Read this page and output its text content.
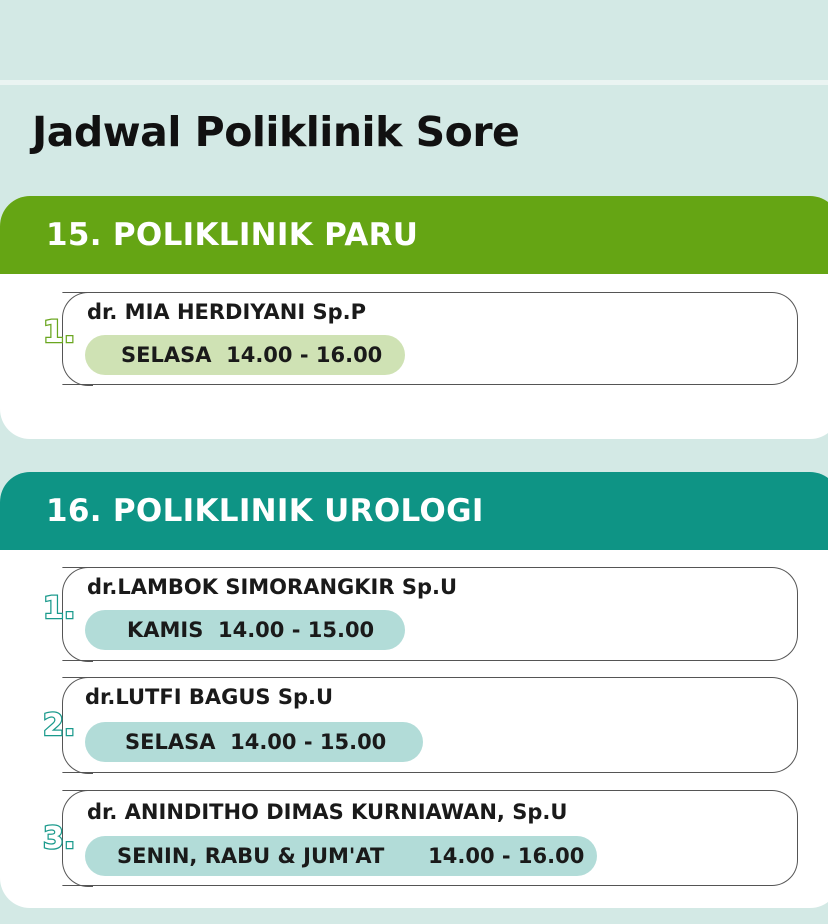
Jadwal Poliklinik Sore
15. POLIKLINIK PARU
1.
dr. MIA HERDIYANI Sp.P
SELASA  14.00 - 16.00
16. POLIKLINIK UROLOGI
1.
dr.LAMBOK SIMORANGKIR Sp.U
KAMIS  14.00 - 15.00
2.
dr.LUTFI BAGUS Sp.U
SELASA  14.00 - 15.00
3.
dr. ANINDITHO DIMAS KURNIAWAN, Sp.U
SENIN, RABU & JUM'AT      14.00 - 16.00
